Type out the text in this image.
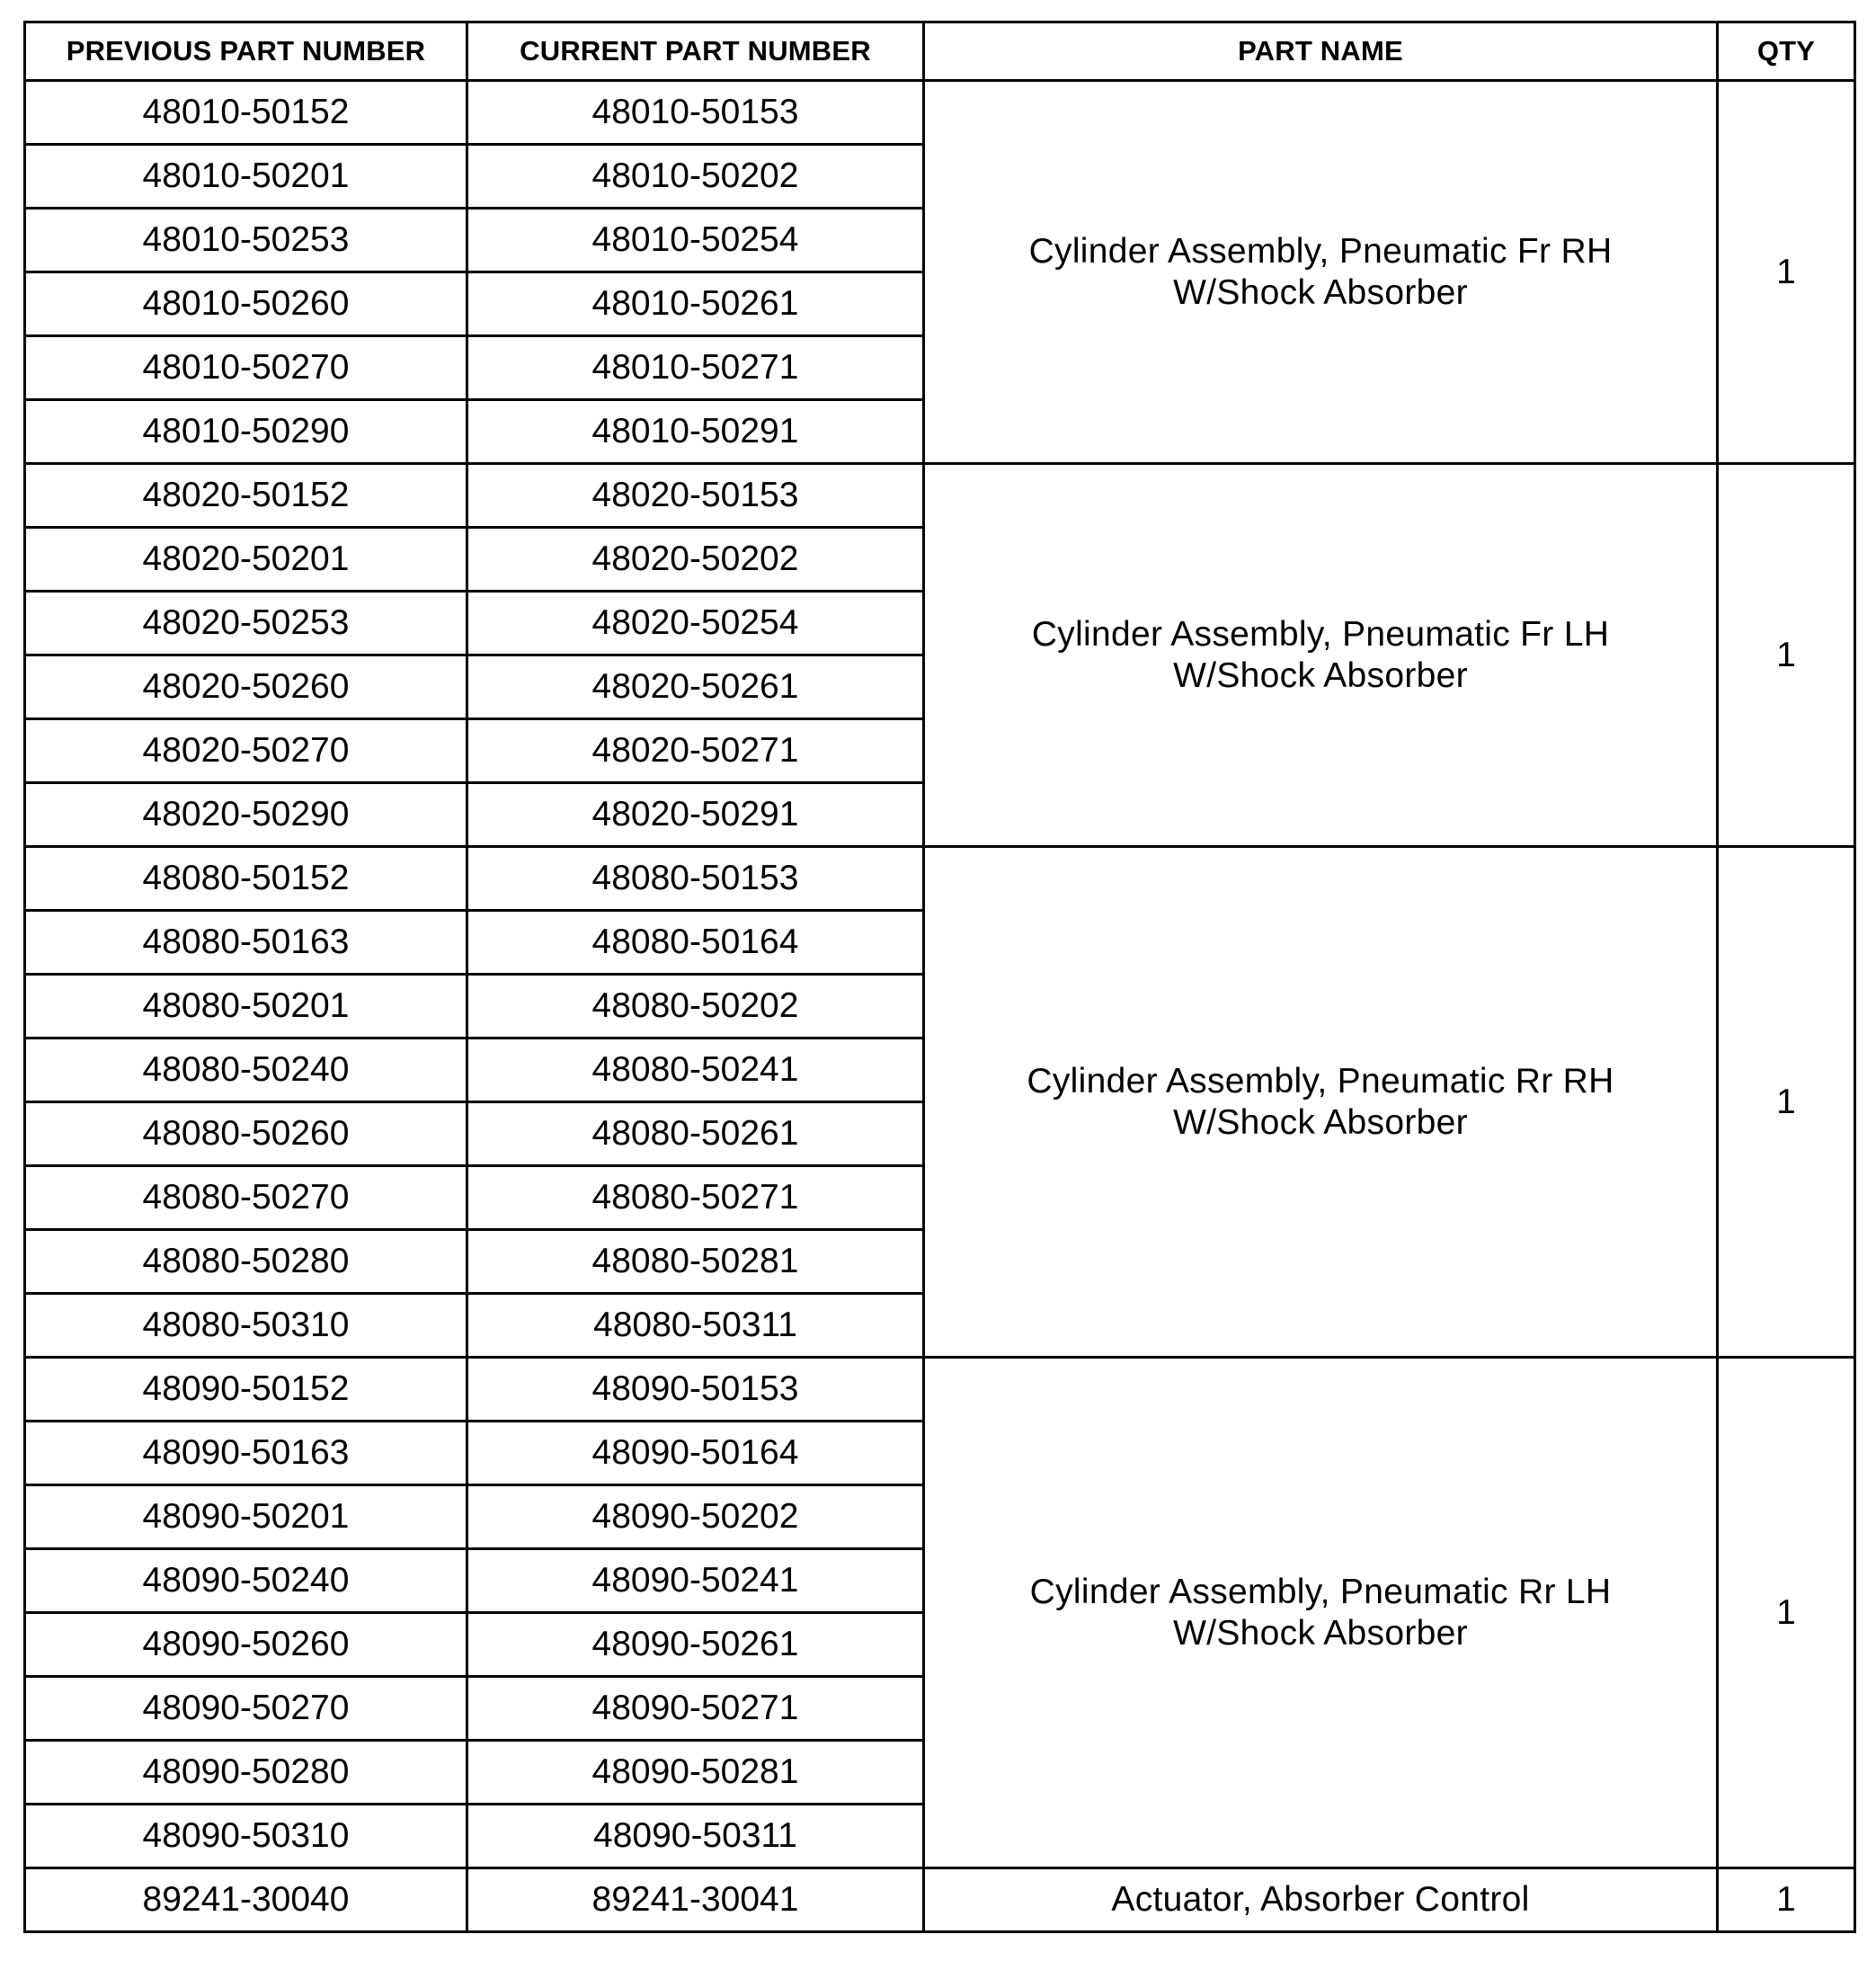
PREVIOUS PART NUMBER	CURRENT PART NUMBER	PART NAME	QTY
48010-50152	48010-50153	Cylinder Assembly, Pneumatic Fr RH
W/Shock Absorber	1
48010-50201	48010-50202		
48010-50253	48010-50254		
48010-50260	48010-50261		
48010-50270	48010-50271		
48010-50290	48010-50291		
48020-50152	48020-50153	Cylinder Assembly, Pneumatic Fr LH
W/Shock Absorber	1
48020-50201	48020-50202		
48020-50253	48020-50254		
48020-50260	48020-50261		
48020-50270	48020-50271		
48020-50290	48020-50291		
48080-50152	48080-50153	Cylinder Assembly, Pneumatic Rr RH
W/Shock Absorber	1
48080-50163	48080-50164		
48080-50201	48080-50202		
48080-50240	48080-50241		
48080-50260	48080-50261		
48080-50270	48080-50271		
48080-50280	48080-50281		
48080-50310	48080-50311		
48090-50152	48090-50153	Cylinder Assembly, Pneumatic Rr LH
W/Shock Absorber	1
48090-50163	48090-50164		
48090-50201	48090-50202		
48090-50240	48090-50241		
48090-50260	48090-50261		
48090-50270	48090-50271		
48090-50280	48090-50281		
48090-50310	48090-50311		
89241-30040	89241-30041	Actuator, Absorber Control	1
